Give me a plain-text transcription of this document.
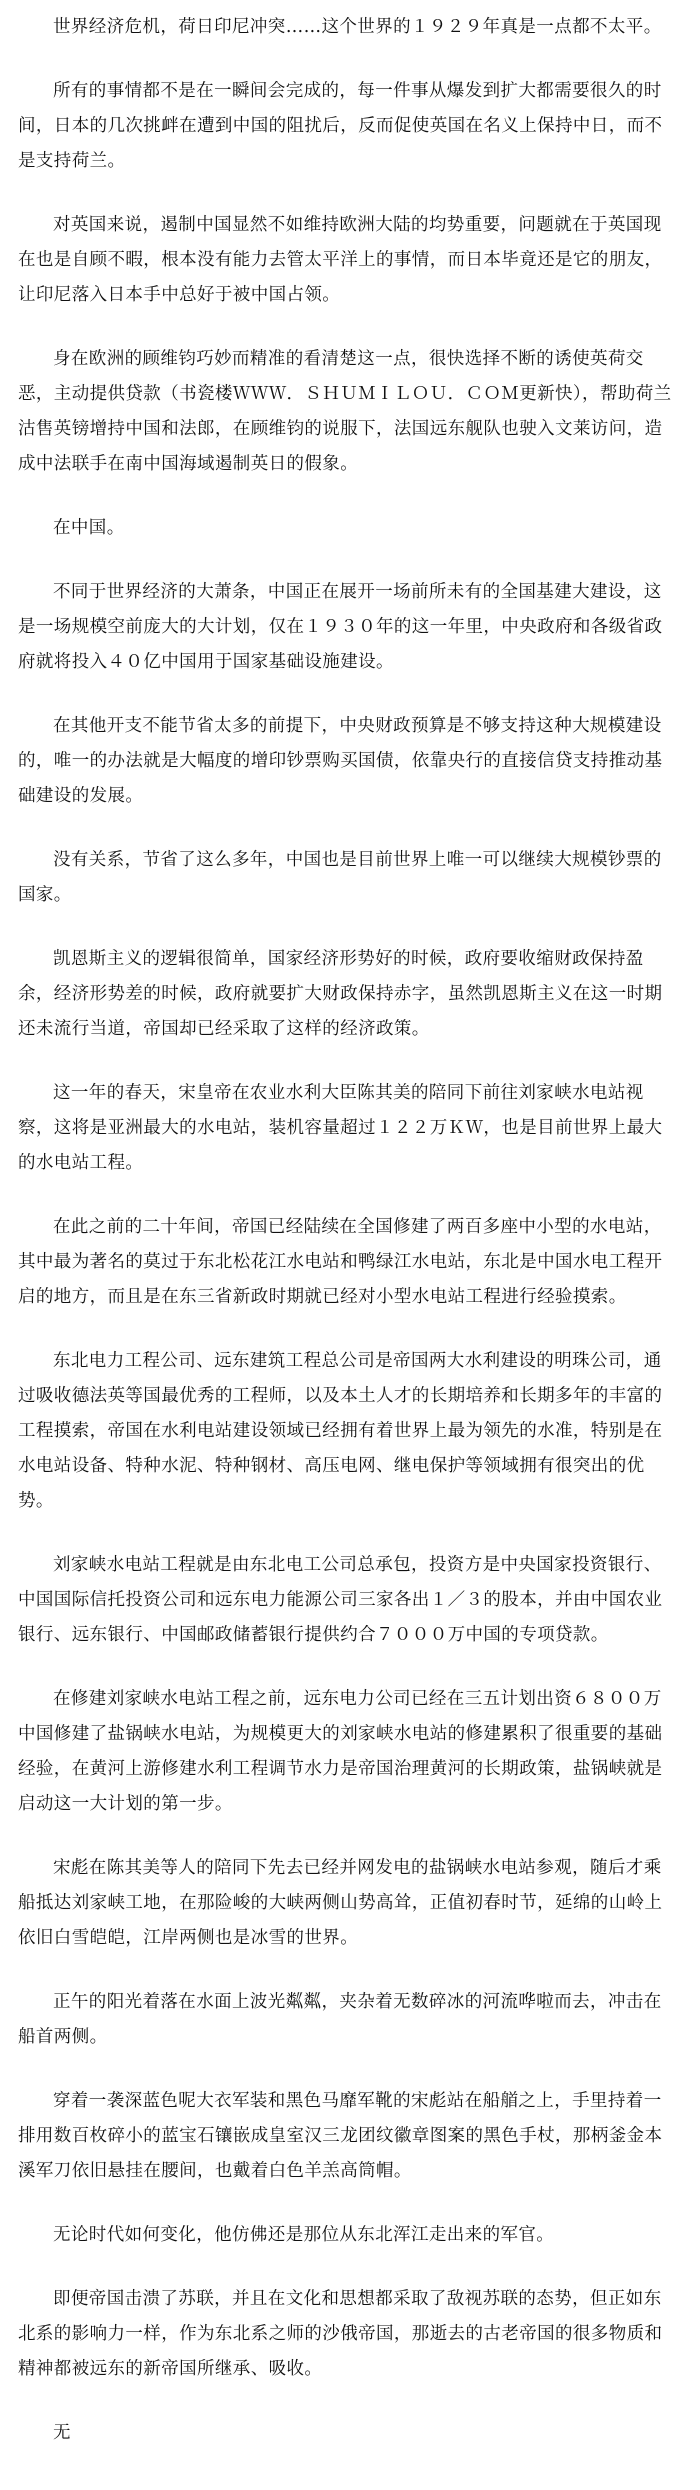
世界经济危机，荷日印尼冲突……这个世界的１９２９年真是一点都不太平。

所有的事情都不是在一瞬间会完成的，每一件事从爆发到扩大都需要很久的时间，日本的几次挑衅在遭到中国的阻扰后，反而促使英国在名义上保持中日，而不是支持荷兰。

对英国来说，遏制中国显然不如维持欧洲大陆的均势重要，问题就在于英国现在也是自顾不暇，根本没有能力去管太平洋上的事情，而日本毕竟还是它的朋友，让印尼落入日本手中总好于被中国占领。

身在欧洲的顾维钧巧妙而精准的看清楚这一点，很快选择不断的诱使英荷交恶，主动提供贷款（书瓷楼ＷＷＷ．ＳＨＵＭＩＬＯＵ．ＣＯＭ更新快），帮助荷兰沽售英镑增持中国和法郎，在顾维钧的说服下，法国远东舰队也驶入文莱访问，造成中法联手在南中国海域遏制英日的假象。

在中国。

不同于世界经济的大萧条，中国正在展开一场前所未有的全国基建大建设，这是一场规模空前庞大的大计划，仅在１９３０年的这一年里，中央政府和各级省政府就将投入４０亿中国用于国家基础设施建设。

在其他开支不能节省太多的前提下，中央财政预算是不够支持这种大规模建设的，唯一的办法就是大幅度的增印钞票购买国债，依靠央行的直接信贷支持推动基础建设的发展。

没有关系，节省了这么多年，中国也是目前世界上唯一可以继续大规模钞票的国家。

凯恩斯主义的逻辑很简单，国家经济形势好的时候，政府要收缩财政保持盈余，经济形势差的时候，政府就要扩大财政保持赤字，虽然凯恩斯主义在这一时期还未流行当道，帝国却已经采取了这样的经济政策。

这一年的春天，宋皇帝在农业水利大臣陈其美的陪同下前往刘家峡水电站视察，这将是亚洲最大的水电站，装机容量超过１２２万ＫＷ，也是目前世界上最大的水电站工程。

在此之前的二十年间，帝国已经陆续在全国修建了两百多座中小型的水电站，其中最为著名的莫过于东北松花江水电站和鸭绿江水电站，东北是中国水电工程开启的地方，而且是在东三省新政时期就已经对小型水电站工程进行经验摸索。

东北电力工程公司、远东建筑工程总公司是帝国两大水利建设的明珠公司，通过吸收德法英等国最优秀的工程师，以及本土人才的长期培养和长期多年的丰富的工程摸索，帝国在水利电站建设领域已经拥有着世界上最为领先的水准，特别是在水电站设备、特种水泥、特种钢材、高压电网、继电保护等领域拥有很突出的优势。

刘家峡水电站工程就是由东北电工公司总承包，投资方是中央国家投资银行、中国国际信托投资公司和远东电力能源公司三家各出１／３的股本，并由中国农业银行、远东银行、中国邮政储蓄银行提供约合７０００万中国的专项贷款。

在修建刘家峡水电站工程之前，远东电力公司已经在三五计划出资６８００万中国修建了盐锅峡水电站，为规模更大的刘家峡水电站的修建累积了很重要的基础经验，在黄河上游修建水利工程调节水力是帝国治理黄河的长期政策，盐锅峡就是启动这一大计划的第一步。

宋彪在陈其美等人的陪同下先去已经并网发电的盐锅峡水电站参观，随后才乘船抵达刘家峡工地，在那险峻的大峡两侧山势高耸，正值初春时节，延绵的山岭上依旧白雪皑皑，江岸两侧也是冰雪的世界。

正午的阳光着落在水面上波光粼粼，夹杂着无数碎冰的河流哗啦而去，冲击在船首两侧。

穿着一袭深蓝色呢大衣军装和黑色马靡军靴的宋彪站在船艏之上，手里持着一排用数百枚碎小的蓝宝石镶嵌成皇室汉三龙团纹徽章图案的黑色手杖，那柄釜金本溪军刀依旧悬挂在腰间，也戴着白色羊羔高筒帽。

无论时代如何变化，他仿佛还是那位从东北浑江走出来的军官。

即便帝国击溃了苏联，并且在文化和思想都采取了敌视苏联的态势，但正如东北系的影响力一样，作为东北系之师的沙俄帝国，那逝去的古老帝国的很多物质和精神都被远东的新帝国所继承、吸收。

无
